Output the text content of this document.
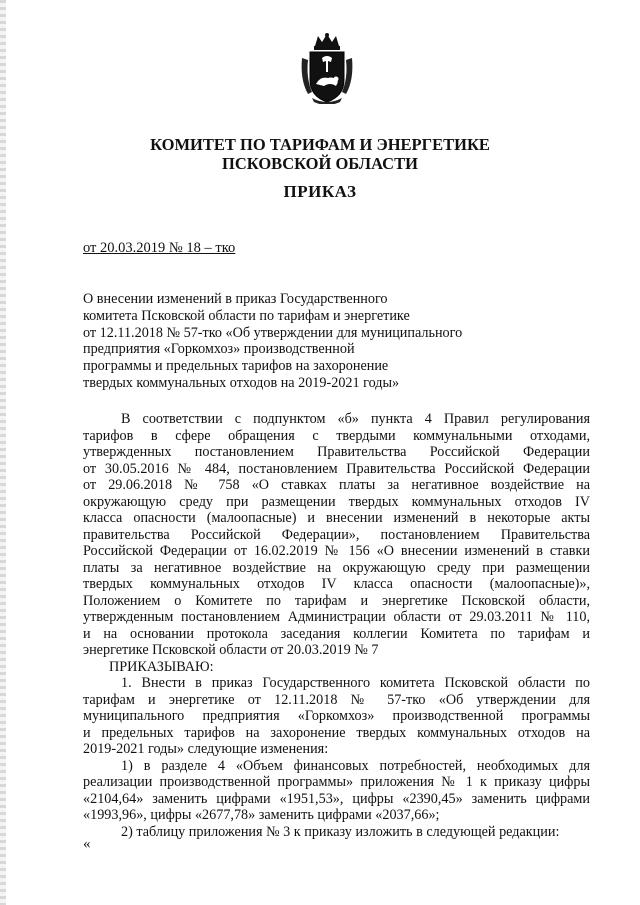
КОМИТЕТ ПО ТАРИФАМ И ЭНЕРГЕТИКЕ
ПСКОВСКОЙ ОБЛАСТИ
ПРИКАЗ
от 20.03.2019 № 18 – тко
О внесении изменений в приказ Государственного
комитета Псковской области по тарифам и энергетике
от 12.11.2018 № 57-тко «Об утверждении для муниципального
предприятия «Горкомхоз» производственной
программы и предельных тарифов на захоронение
твердых коммунальных отходов на 2019-2021 годы»
В соответствии с подпунктом «б» пункта 4 Правил регулирования
тарифов в сфере обращения с твердыми коммунальными отходами,
утвержденных постановлением Правительства Российской Федерации
от 30.05.2016 № 484, постановлением Правительства Российской Федерации
от 29.06.2018 № 758 «О ставках платы за негативное воздействие на
окружающую среду при размещении твердых коммунальных отходов IV
класса опасности (малоопасные) и внесении изменений в некоторые акты
правительства Российской Федерации», постановлением Правительства
Российской Федерации от 16.02.2019 № 156 «О внесении изменений в ставки
платы за негативное воздействие на окружающую среду при размещении
твердых коммунальных отходов IV класса опасности (малоопасные)»,
Положением о Комитете по тарифам и энергетике Псковской области,
утвержденным постановлением Администрации области от 29.03.2011 № 110,
и на основании протокола заседания коллегии Комитета по тарифам и
энергетике Псковской области от 20.03.2019 № 7
ПРИКАЗЫВАЮ:
1. Внести в приказ Государственного комитета Псковской области по
тарифам и энергетике от 12.11.2018 № 57-тко «Об утверждении для
муниципального предприятия «Горкомхоз» производственной программы
и предельных тарифов на захоронение твердых коммунальных отходов на
2019-2021 годы» следующие изменения:
1) в разделе 4 «Объем финансовых потребностей, необходимых для
реализации производственной программы» приложения № 1 к приказу цифры
«2104,64» заменить цифрами «1951,53», цифры «2390,45» заменить цифрами
«1993,96», цифры «2677,78» заменить цифрами «2037,66»;
2) таблицу приложения № 3 к приказу изложить в следующей редакции:
«
